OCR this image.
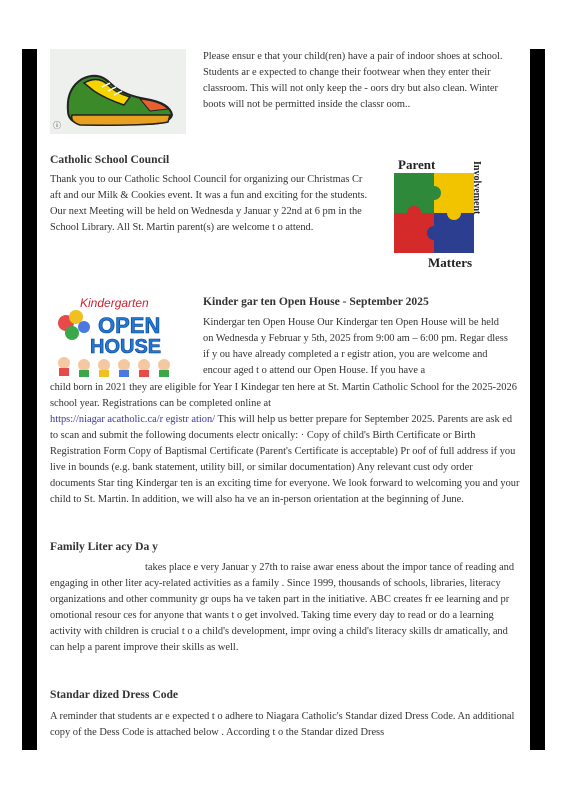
ⓘ

Please ensur e that your child(ren) have a pair of indoor shoes at school. Students ar e expected to change their footwear when they enter their classroom. This will not only keep the - oors dry but also clean. Winter boots will not be permitted inside the classr oom..

Catholic School Council

Thank you to our Catholic School Council for organizing our Christmas Cr aft and our Milk & Cookies event. It was a fun and exciting for the students. Our next Meeting will be held on Wednesda y Januar y 22nd at 6 pm in the School Library. All St. Martin parent(s) are welcome t o attend.

Parent	Involvement
Matters
Kindergarten
OPEN
HOUSE
Kinder gar ten Open House - September 2025

Kindergar ten Open House Our Kindergar ten Open House will be held on Wednesda y Februar y 5th, 2025 from 9:00 am – 6:00 pm. Regar dless if y ou have already completed a r egistr ation, you are welcome and encour aged t o attend our Open House. If you have a

child born in 2021 they are eligible for Year I Kindegar ten here at St. Martin Catholic School for the 2025-2026 school year. Registrations can be completed online at
https://niagar acatholic.ca/r egistr ation/ This will help us better prepare for September 2025. Parents are ask ed to scan and submit the following documents electr onically: · Copy of child's Birth Certificate or Birth Registration Form Copy of Baptismal Certificate (Parent's Certificate is acceptable) Pr oof of full address if you live in bounds (e.g. bank statement, utility bill, or similar documentation) Any relevant cust ody order documents Star ting Kindergar ten is an exciting time for everyone. We look forward to welcoming you and your child to St. Martin. In addition, we will also ha ve an in-person orientation at the beginning of June.

Family Liter acy Da y

takes place e very Januar y 27th to raise awar eness about the impor tance of reading and engaging in other liter acy-related activities as a family . Since 1999, thousands of schools, libraries, literacy organizations and other community gr oups ha ve taken part in the initiative. ABC creates fr ee learning and pr omotional resour ces for anyone that wants t o get involved. Taking time every day to read or do a learning activity with children is crucial t o a child's development, impr oving a child's literacy skills dr amatically, and can help a parent improve their skills as well.

Standar dized Dress Code

A reminder that students ar e expected t o adhere to Niagara Catholic's Standar dized Dress Code. An additional copy of the Dess Code is attached below . According t o the Standar dized Dress
